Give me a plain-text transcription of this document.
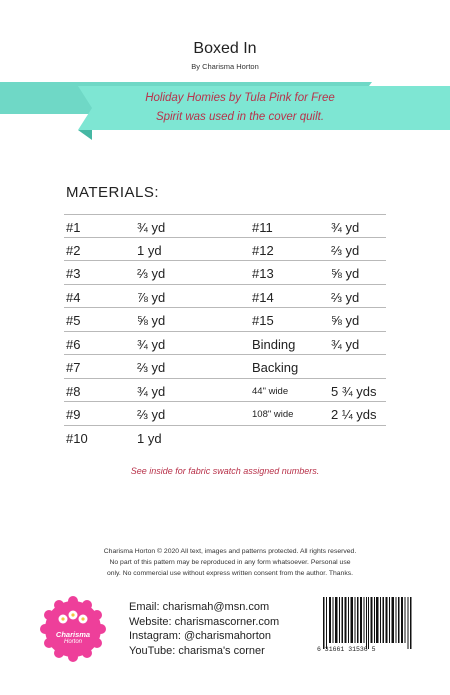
Boxed In
By Charisma Horton
Holiday Homies by Tula Pink for Free
Spirit was used in the cover quilt.
MATERIALS:
#1	¾ yd	#11	¾ yd
#2	1 yd	#12	⅔ yd
#3	⅔ yd	#13	⅝ yd
#4	⅞ yd	#14	⅔ yd
#5	⅝ yd	#15	⅝ yd
#6	¾ yd	Binding	¾ yd
#7	⅔ yd	Backing
#8	¾ yd	44" wide	5 ¾ yds
#9	⅔ yd	108" wide	2 ¼ yds
#10	1 yd
See inside for fabric swatch assigned numbers.
Charisma Horton © 2020 All text, images and patterns protected. All rights reserved.
No part of this pattern may be reproduced in any form whatsoever. Personal use
only. No commercial use without express written consent from the author. Thanks.
Charisma
Horton
Email: charismah@msn.com
Website: charismascorner.com
Instagram: @charismahorton
YouTube: charisma's corner	6 31661 31536 5
